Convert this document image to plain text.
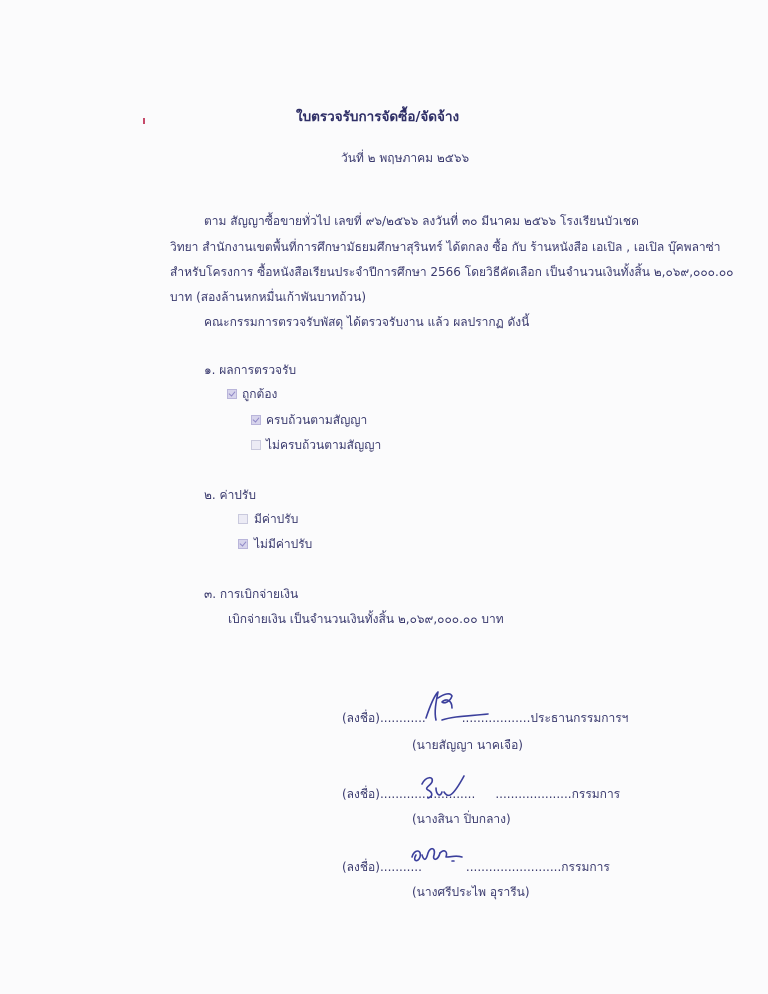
ใบตรวจรับการจัดซื้อ/จัดจ้าง
วันที่ ๒ พฤษภาคม ๒๕๖๖
ตาม สัญญาซื้อขายทั่วไป เลขที่ ๙๖/๒๕๖๖ ลงวันที่ ๓๐ มีนาคม ๒๕๖๖ โรงเรียนบัวเชด
วิทยา สำนักงานเขตพื้นที่การศึกษามัธยมศึกษาสุรินทร์ ได้ตกลง ซื้อ กับ ร้านหนังสือ เอเปิล , เอเปิล บุ๊คพลาซ่า
สำหรับโครงการ ซื้อหนังสือเรียนประจำปีการศึกษา 2566 โดยวิธีคัดเลือก เป็นจำนวนเงินทั้งสิ้น ๒,๐๖๙,๐๐๐.๐๐
บาท (สองล้านหกหมื่นเก้าพันบาทถ้วน)
คณะกรรมการตรวจรับพัสดุ ได้ตรวจรับงาน แล้ว ผลปรากฏ ดังนี้
๑. ผลการตรวจรับ
ถูกต้อง
ครบถ้วนตามสัญญา
ไม่ครบถ้วนตามสัญญา
๒. ค่าปรับ
มีค่าปรับ
ไม่มีค่าปรับ
๓. การเบิกจ่ายเงิน
เบิกจ่ายเงิน เป็นจำนวนเงินทั้งสิ้น ๒,๐๖๙,๐๐๐.๐๐ บาท
(ลงชื่อ)............	..................ประธานกรรมการฯ
(นายสัญญา นาคเจือ)
(ลงชื่อ)......................... ....................กรรมการ
(นางสินา ปิ่บกลาง)
(ลงชื่อ)...........	.........................กรรมการ
(นางศรีประไพ อุรารีน)
